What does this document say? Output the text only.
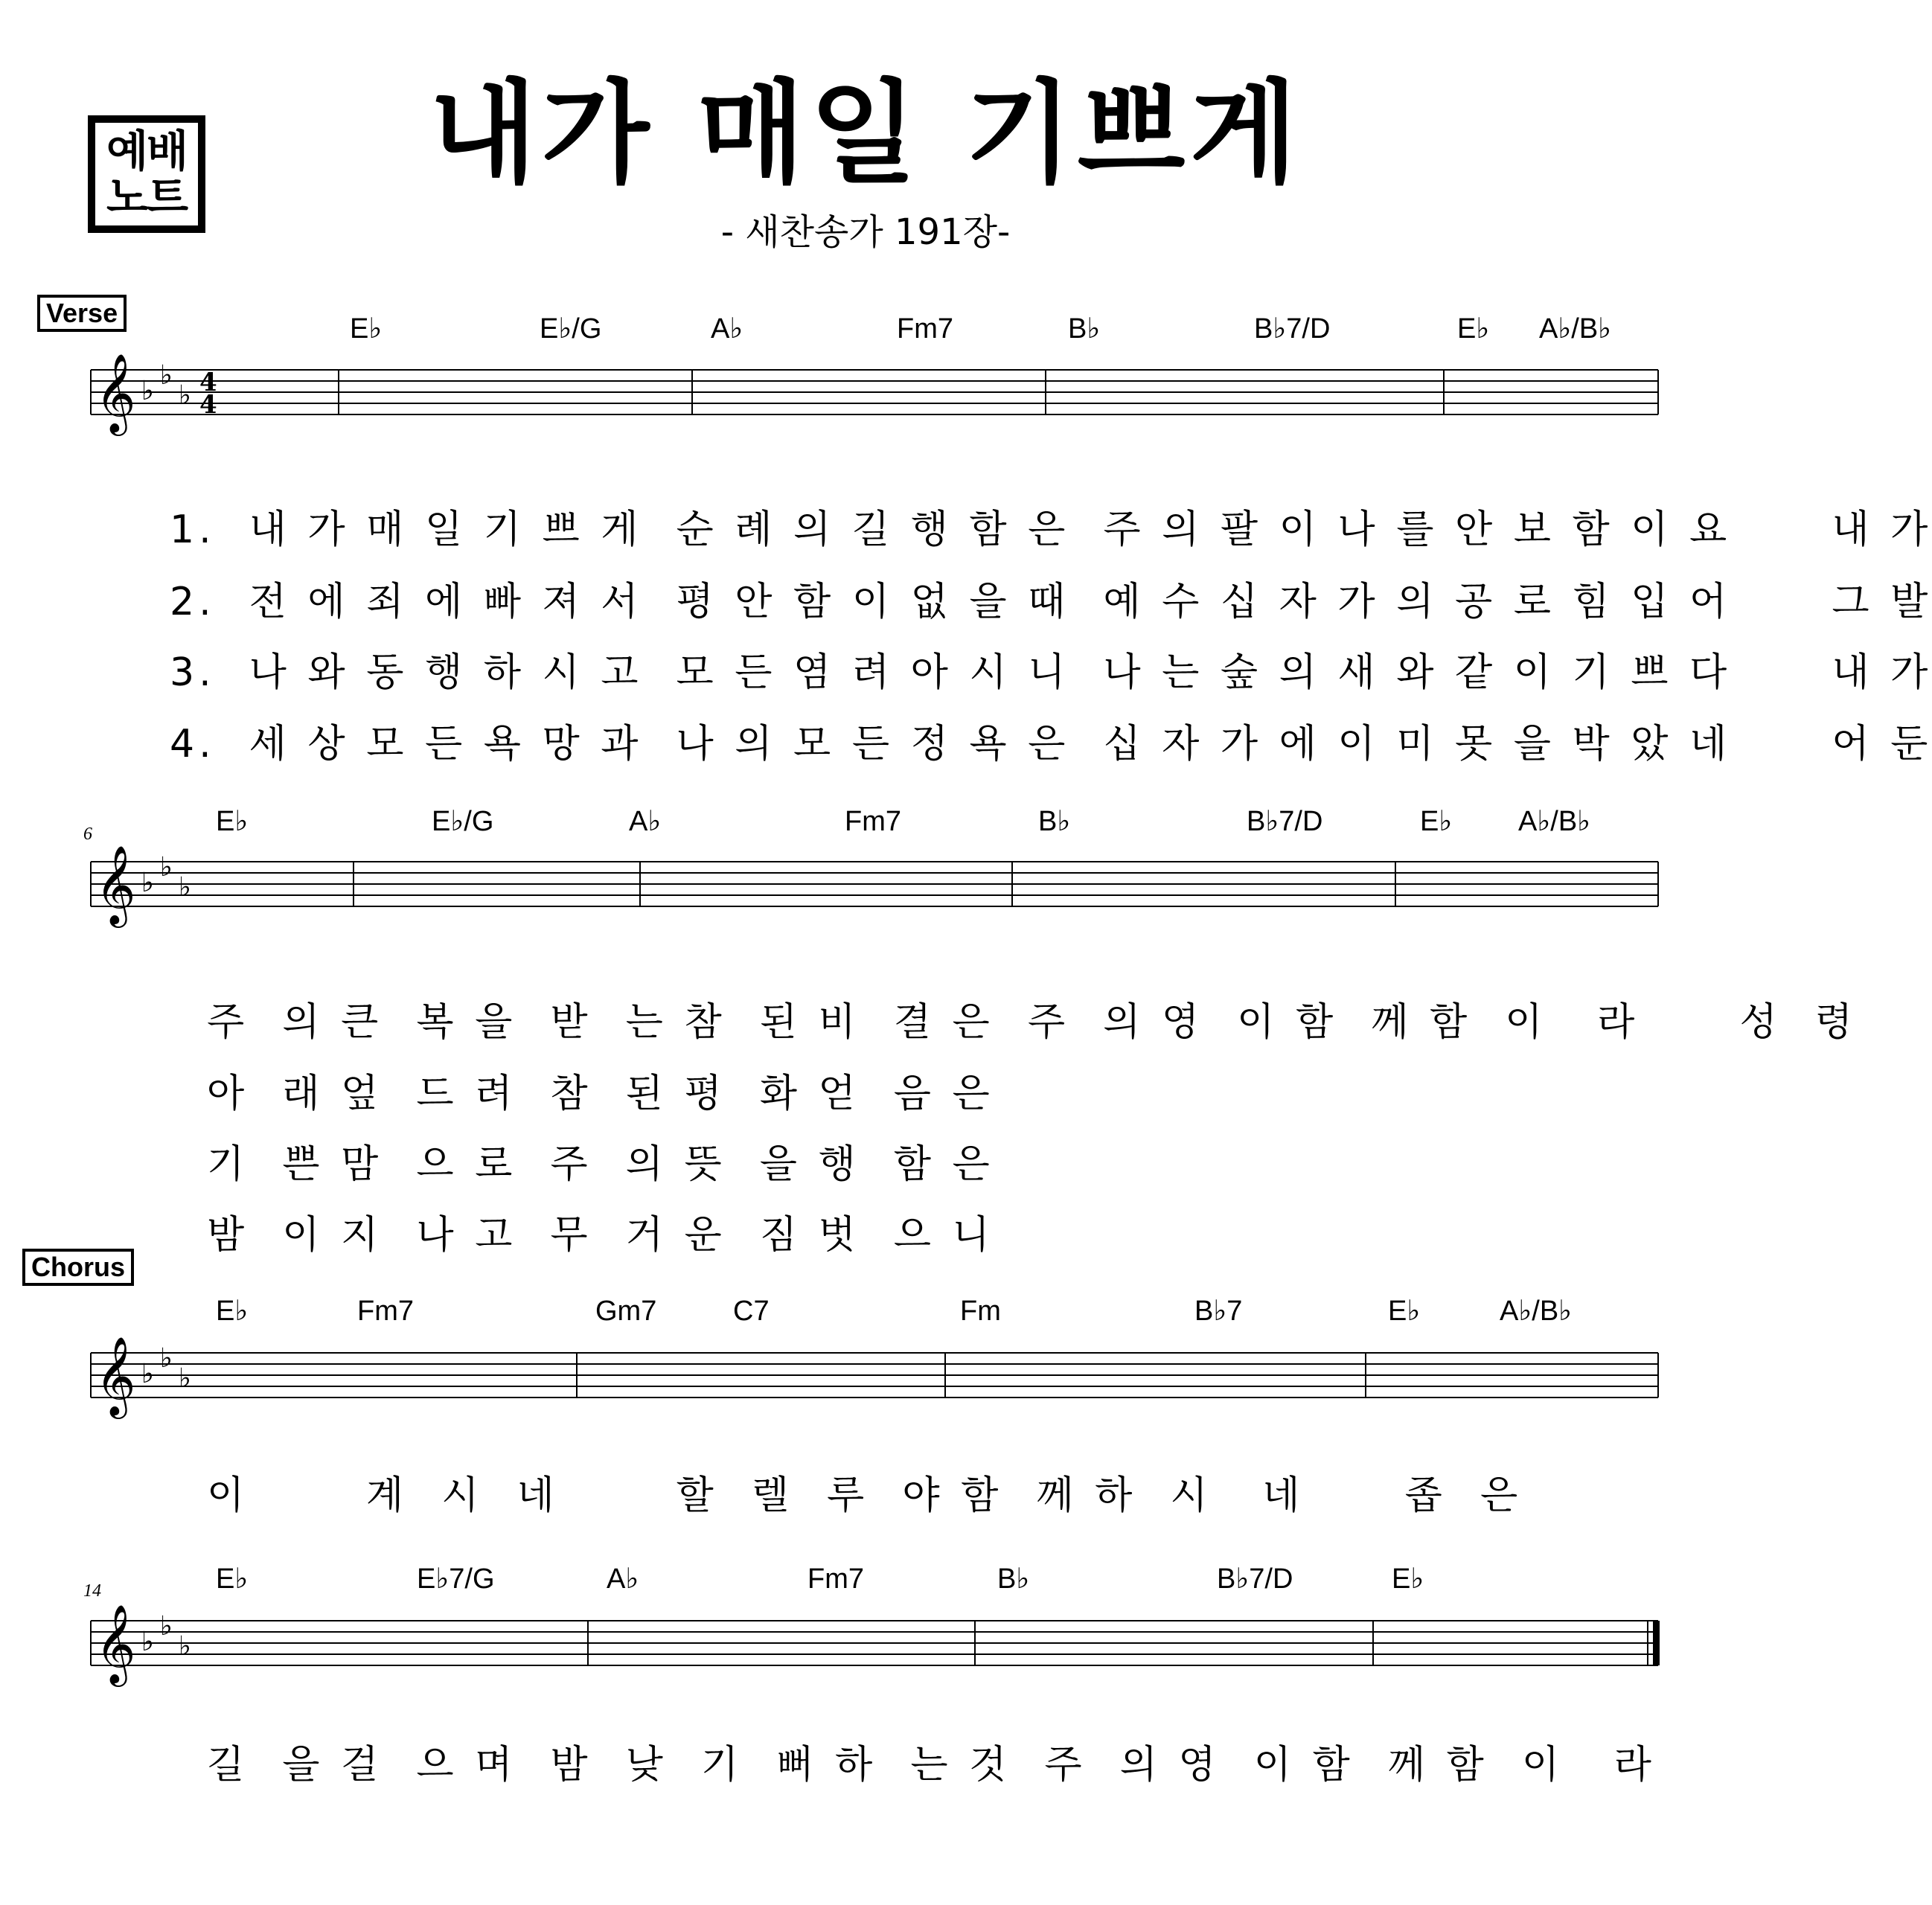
예배
노트	내가 매일 기쁘게
- 새찬송가 191장-
Verse
Chorus
6
14
E♭	E♭/G	A♭	Fm7	B♭	B♭7/D	E♭ A♭/B♭
E♭	E♭/G	A♭	Fm7	B♭	B♭7/D	E♭ A♭/B♭
E♭	Fm7	Gm7	C7	Fm	B♭7	E♭	A♭/B♭
E♭	E♭7/G	A♭	Fm7	B♭	B♭7/D	E♭
𝄞 ♭
♭
♭ 4
4
𝄞 ♭
♭
♭
𝄞 ♭
♭
♭
𝄞 ♭
♭
♭
1.  내 가 매 일 기 쁘 게  순 례 의 길 행 함 은  주 의 팔 이 나 를 안 보 함 이 요      내 가
2.  전 에 죄 에 빠 져 서  평 안 함 이 없 을 때  예 수 십 자 가 의 공 로 힘 입 어      그 발
3.  나 와 동 행 하 시 고  모 든 염 려 아 시 니  나 는 숲 의 새 와 같 이 기 쁘 다      내 가
4.  세 상 모 든 욕 망 과  나 의 모 든 정 욕 은  십 자 가 에 이 미 못 을 박 았 네      어 둔
주  의 큰  복 을  받  는 참  된 비  결 은  주  의 영  이 함  께 함  이   라      성  령
아  래 엎  드 려  참  된 평  화 얻  음 은
기  쁜 맘  으 로  주  의 뜻  을 행  함 은
밤  이 지  나 고  무  거 운  짐 벗  으 니
이       계  시  네       할  렐  루  야 함  께 하  시   네      좁  은
길  을 걸  으 며  밤  낮  기  뻐 하  는 것  주  의 영  이 함  께 함  이   라
